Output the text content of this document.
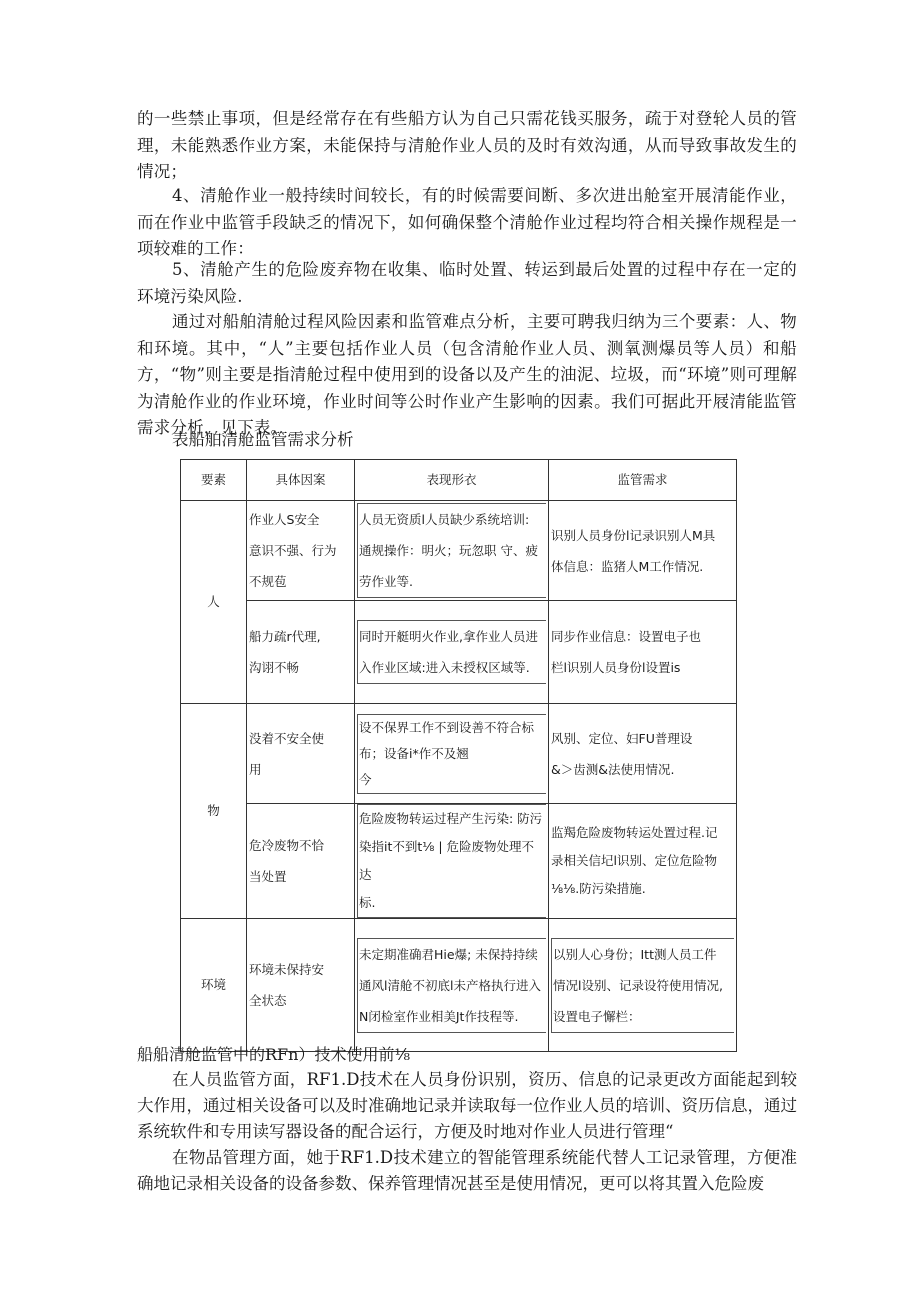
的一些禁止事项，但是经常存在有些船方认为自己只需花钱买服务，疏于对登轮人员的管理，未能熟悉作业方案，未能保持与清舱作业人员的及时有效沟通，从而导致事故发生的情况；

4、清舱作业一般持续时间较长，有的时候需要间断、多次进出舱室开展清能作业，而在作业中监管手段缺乏的情况下，如何确保整个清舱作业过程均符合相关操作规程是一项较难的工作：

5、清舱产生的危险废弃物在收集、临时处置、转运到最后处置的过程中存在一定的环境污染风险.

通过对船舶清舱过程风险因素和监管难点分析，主要可聘我归纳为三个要素：人、物和环境。其中，“人”主要包括作业人员（包含清舱作业人员、测氧测爆员等人员）和船方，“物”则主要是指清舱过程中使用到的设备以及产生的油泥、垃圾，而“环境”则可理解为清舱作业的作业环境，作业时间等公时作业产生影响的因素。我们可据此开屐清能监管需求分析，见下表。

表船舶清舱监管需求分析

要素	具体因案	表现形衣	监管需求
人	作业人S安全
意识不强、行为
不规苞	人员无资质l人员缺少系统培训:
通规操作：明火；玩忽职 守、疲
劳作业等.	识别人员身份l记录识别人M具
体信息：监猪人M工作情况.

	船力疏r代理,
沟诩不畅	同时开艇明火作业,拿作业人员进
入作业区域:进入未授权区域等.	同步作业信息：设置电子也
栏l识别人员身份l设置is

物	没着不安全使
用	设不保界工作不到设善不符合标
布；设备i*作不及翘
今	风别、定位、妇FU普理设
&＞齿测&法使用情况.

	危冷废物不恰
当处置	危险废物转运过程产生污染: 防污
染指it不到t⅛ | 危险废物处理不达
标.	监羯危险废物转运处置过程.记
录相关信圮l识别、定位危险物
⅛⅛.防污染措施.

环境	环境未保持安
全状态	未定期准确君Hie爆; 未保持持续
通风l清舱不初底l未产格执行进入
N闭检室作业相美Jt作技程等.	以别人心身份；Itt测人员工件
情况l设别、记录设符使用情况,
设置电子懈栏：

船船清舱监管中的RFn）技术使用前⅛

在人员监管方面，RF1.D技术在人员身份识别，资历、信息的记录更改方面能起到较大作用，通过相关设备可以及时准确地记录并读取每一位作业人员的培训、资历信息，通过系统软件和专用读写器设备的配合运行，方便及时地对作业人员进行管理“

在物品管理方面，她于RF1.D技术建立的智能管理系统能代替人工记录管理，方便准确地记录相关设备的设备参数、保养管理情况甚至是使用情况，更可以将其置入危险废
